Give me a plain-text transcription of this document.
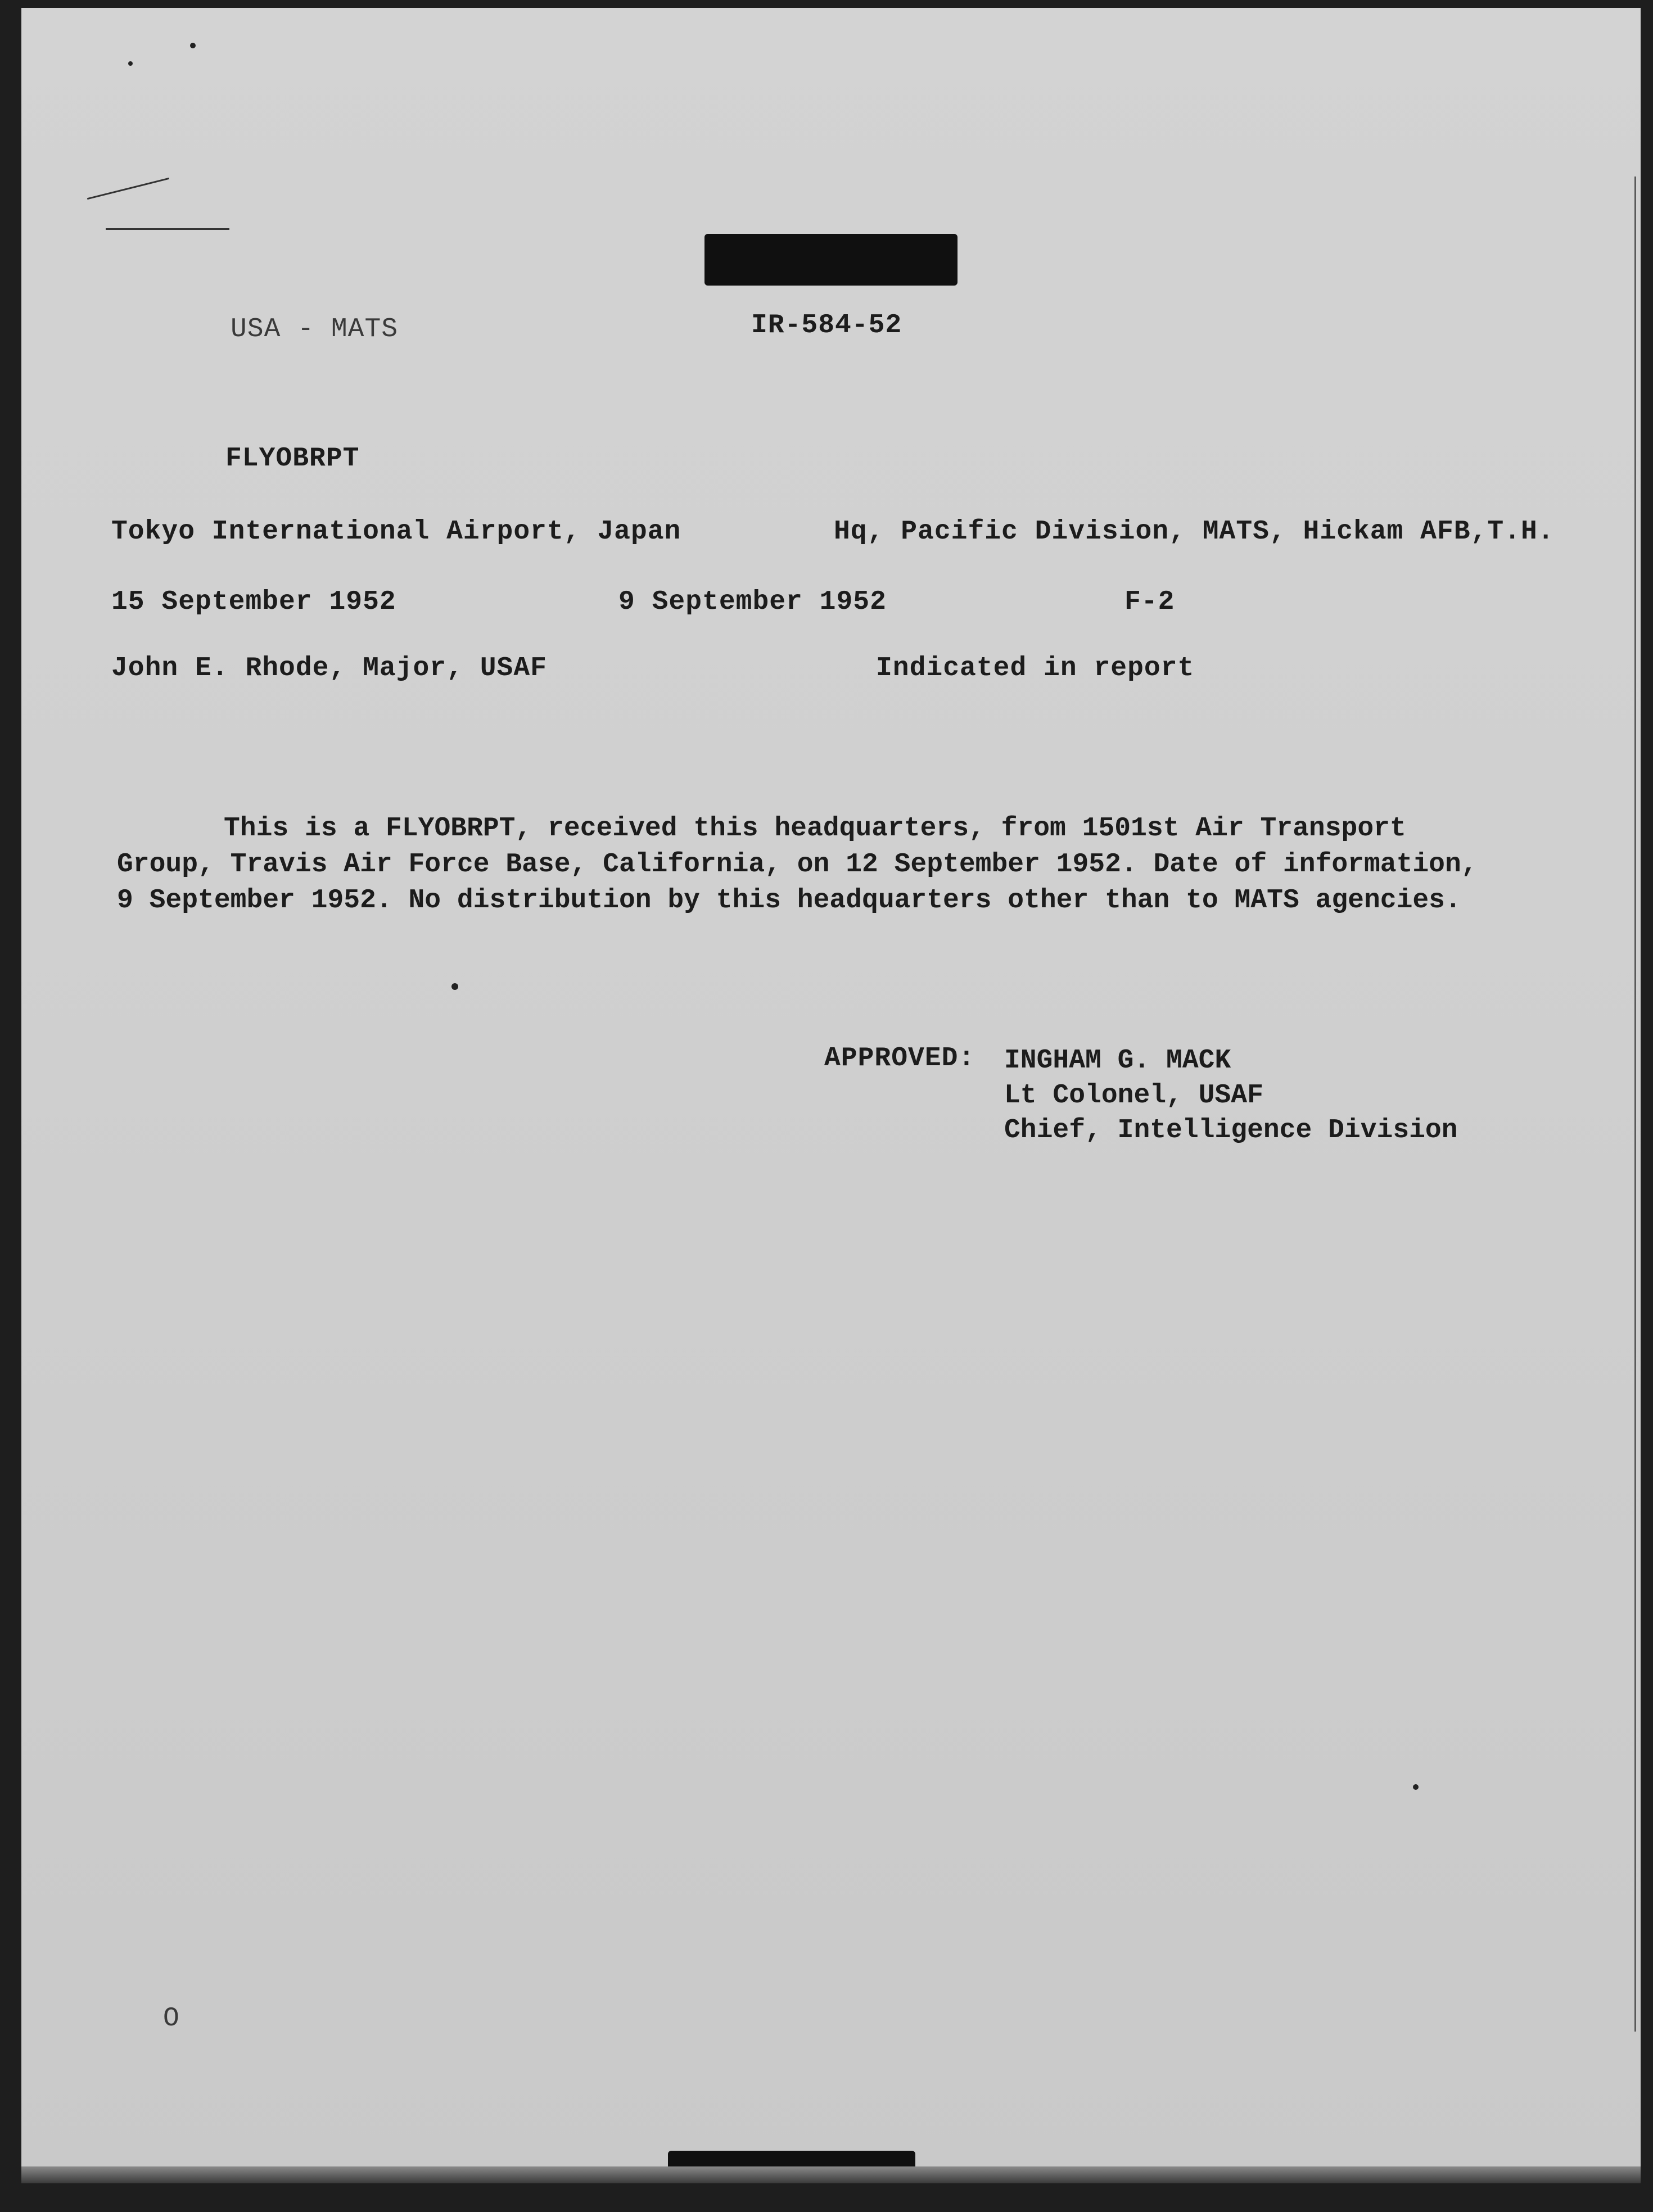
USA - MATS	IR-584-52

FLYOBRPT

Tokyo International Airport, Japan	Hq, Pacific Division, MATS, Hickam AFB,T.H.

15 September 1952	9 September 1952	F-2

John E. Rhode, Major, USAF	Indicated in report

This is a FLYOBRPT, received this headquarters, from 1501st Air Transport
Group, Travis Air Force Base, California, on 12 September 1952. Date of information,
9 September 1952. No distribution by this headquarters other than to MATS agencies.

APPROVED: INGHAM G. MACK
Lt Colonel, USAF
Chief, Intelligence Division

O
